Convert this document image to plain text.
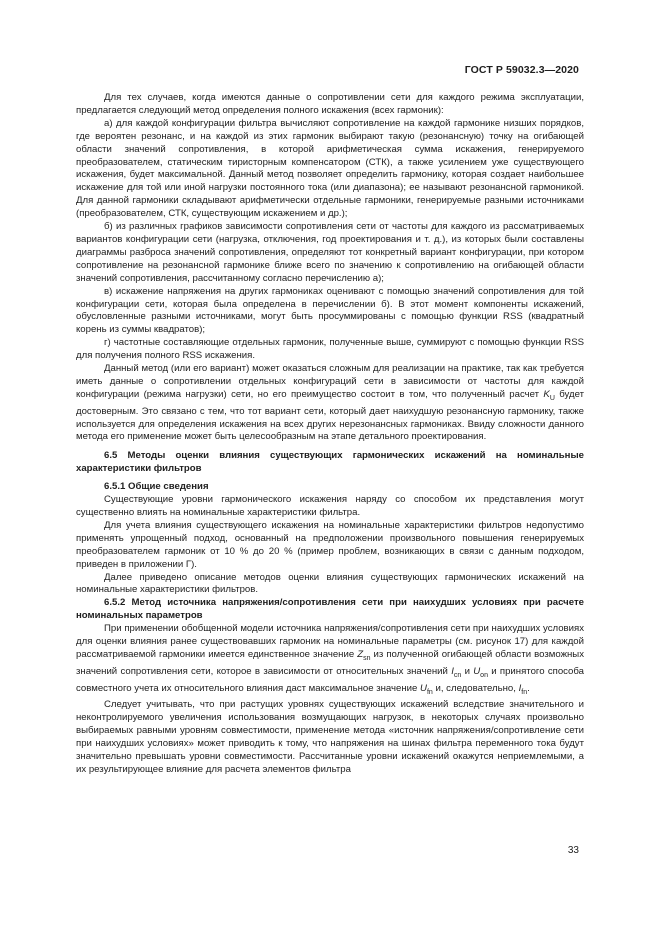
ГОСТ Р 59032.3—2020

Для тех случаев, когда имеются данные о сопротивлении сети для каждого режима эксплуатации, предлагается следующий метод определения полного искажения (всех гармоник):

а) для каждой конфигурации фильтра вычисляют сопротивление на каждой гармонике низших порядков, где вероятен резонанс, и на каждой из этих гармоник выбирают такую (резонансную) точку на огибающей области значений сопротивления, в которой арифметическая сумма искажения, генерируемого преобразователем, статическим тиристорным компенсатором (СТК), а также усилением уже существующего искажения, будет максимальной. Данный метод позволяет определить гармонику, которая создает наибольшее искажение для той или иной нагрузки постоянного тока (или диапазона); ее называют резонансной гармоникой. Для данной гармоники складывают арифметически отдельные гармоники, генерируемые разными источниками (преобразователем, СТК, существующим искажением и др.);

б) из различных графиков зависимости сопротивления сети от частоты для каждого из рассматриваемых вариантов конфигурации сети (нагрузка, отключения, год проектирования и т. д.), из которых были составлены диаграммы разброса значений сопротивления, определяют тот конкретный вариант конфигурации, при котором сопротивление на резонансной гармонике ближе всего по значению к сопротивлению на огибающей области значений сопротивления, рассчитанному согласно перечислению а);

в) искажение напряжения на других гармониках оценивают с помощью значений сопротивления для той конфигурации сети, которая была определена в перечислении б). В этот момент компоненты искажений, обусловленные разными источниками, могут быть просуммированы с помощью функции RSS (квадратный корень из суммы квадратов);

г) частотные составляющие отдельных гармоник, полученные выше, суммируют с помощью функции RSS для получения полного RSS искажения.

Данный метод (или его вариант) может оказаться сложным для реализации на практике, так как требуется иметь данные о сопротивлении отдельных конфигураций сети в зависимости от частоты для каждой конфигурации (режима нагрузки) сети, но его преимущество состоит в том, что полученный расчет $K_U$ будет достоверным. Это связано с тем, что тот вариант сети, который дает наихудшую резонансную гармонику, также используется для определения искажения на всех других нерезонансных гармониках. Ввиду сложности данного метода его применение может быть целесообразным на этапе детального проектирования.

6.5 Методы оценки влияния существующих гармонических искажений на номинальные характеристики фильтров

6.5.1 Общие сведения

Существующие уровни гармонического искажения наряду со способом их представления могут существенно влиять на номинальные характеристики фильтра.

Для учета влияния существующего искажения на номинальные характеристики фильтров недопустимо применять упрощенный подход, основанный на предположении произвольного повышения генерируемых преобразователем гармоник от 10 % до 20 % (пример проблем, возникающих в связи с данным подходом, приведен в приложении Г).

Далее приведено описание методов оценки влияния существующих гармонических искажений на номинальные характеристики фильтров.

6.5.2 Метод источника напряжения/сопротивления сети при наихудших условиях при расчете номинальных параметров

При применении обобщенной модели источника напряжения/сопротивления сети при наихудших условиях для оценки влияния ранее существовавших гармоник на номинальные параметры (см. рисунок 17) для каждой рассматриваемой гармоники имеется единственное значение $Z_{sn}$ из полученной огибающей области возможных значений сопротивления сети, которое в зависимости от относительных значений $I_{cn}$ и $U_{on}$ и принятого способа совместного учета их относительного влияния даст максимальное значение $U_{fn}$ и, следовательно, $I_{fn}$.

Следует учитывать, что при растущих уровнях существующих искажений вследствие значительного и неконтролируемого увеличения использования возмущающих нагрузок, в некоторых случаях произвольно выбираемых равными уровням совместимости, применение метода «источник напряжения/сопротивление сети при наихудших условиях» может приводить к тому, что напряжения на шинах фильтра переменного тока будут значительно превышать уровни совместимости. Рассчитанные уровни искажений окажутся неприемлемыми, а их результирующее влияние для расчета элементов фильтра

33
